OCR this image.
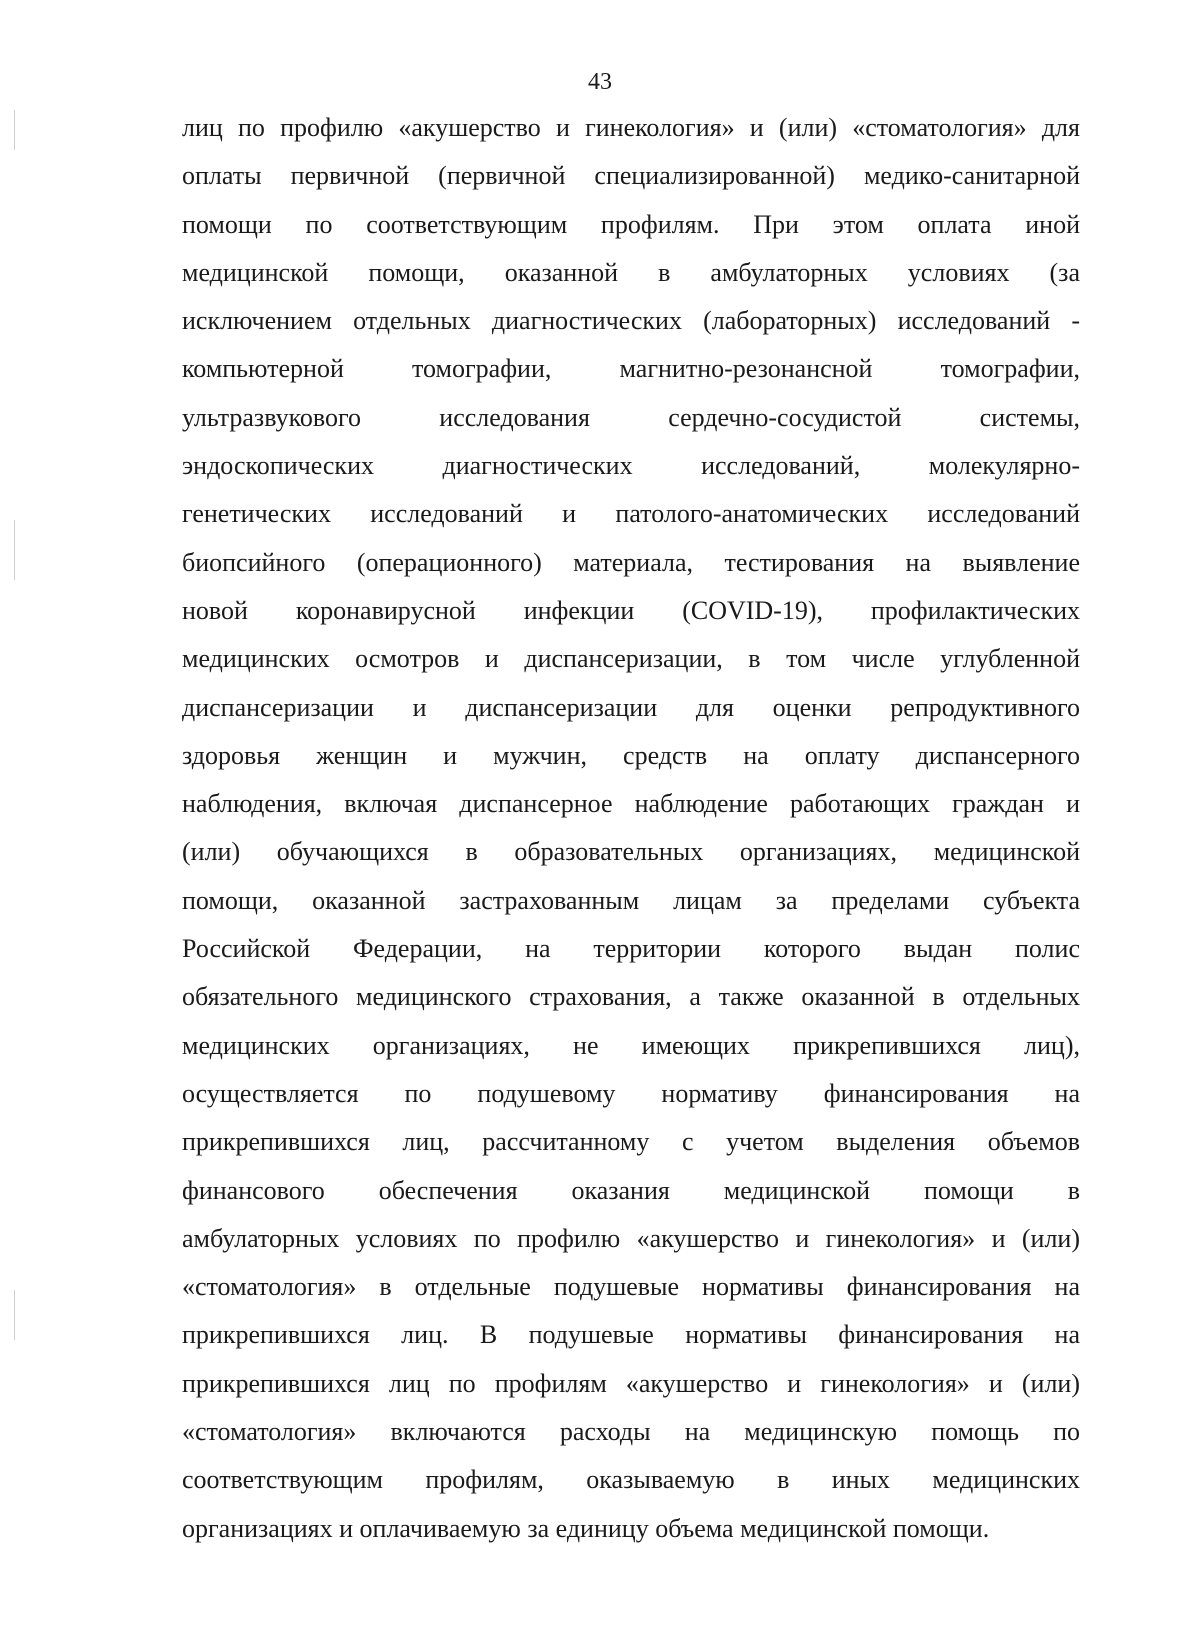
43
лиц по профилю «акушерство и гинекология» и (или) «стоматология» для
оплаты первичной (первичной специализированной) медико-санитарной
помощи по соответствующим профилям. При этом оплата иной
медицинской помощи, оказанной в амбулаторных условиях (за
исключением отдельных диагностических (лабораторных) исследований -
компьютерной томографии, магнитно-резонансной томографии,
ультразвукового исследования сердечно-сосудистой системы,
эндоскопических диагностических исследований, молекулярно-
генетических исследований и патолого-анатомических исследований
биопсийного (операционного) материала, тестирования на выявление
новой коронавирусной инфекции (COVID-19), профилактических
медицинских осмотров и диспансеризации, в том числе углубленной
диспансеризации и диспансеризации для оценки репродуктивного
здоровья женщин и мужчин, средств на оплату диспансерного
наблюдения, включая диспансерное наблюдение работающих граждан и
(или) обучающихся в образовательных организациях, медицинской
помощи, оказанной застрахованным лицам за пределами субъекта
Российской Федерации, на территории которого выдан полис
обязательного медицинского страхования, а также оказанной в отдельных
медицинских организациях, не имеющих прикрепившихся лиц),
осуществляется по подушевому нормативу финансирования на
прикрепившихся лиц, рассчитанному с учетом выделения объемов
финансового обеспечения оказания медицинской помощи в
амбулаторных условиях по профилю «акушерство и гинекология» и (или)
«стоматология» в отдельные подушевые нормативы финансирования на
прикрепившихся лиц. В подушевые нормативы финансирования на
прикрепившихся лиц по профилям «акушерство и гинекология» и (или)
«стоматология» включаются расходы на медицинскую помощь по
соответствующим профилям, оказываемую в иных медицинских
организациях и оплачиваемую за единицу объема медицинской помощи.
